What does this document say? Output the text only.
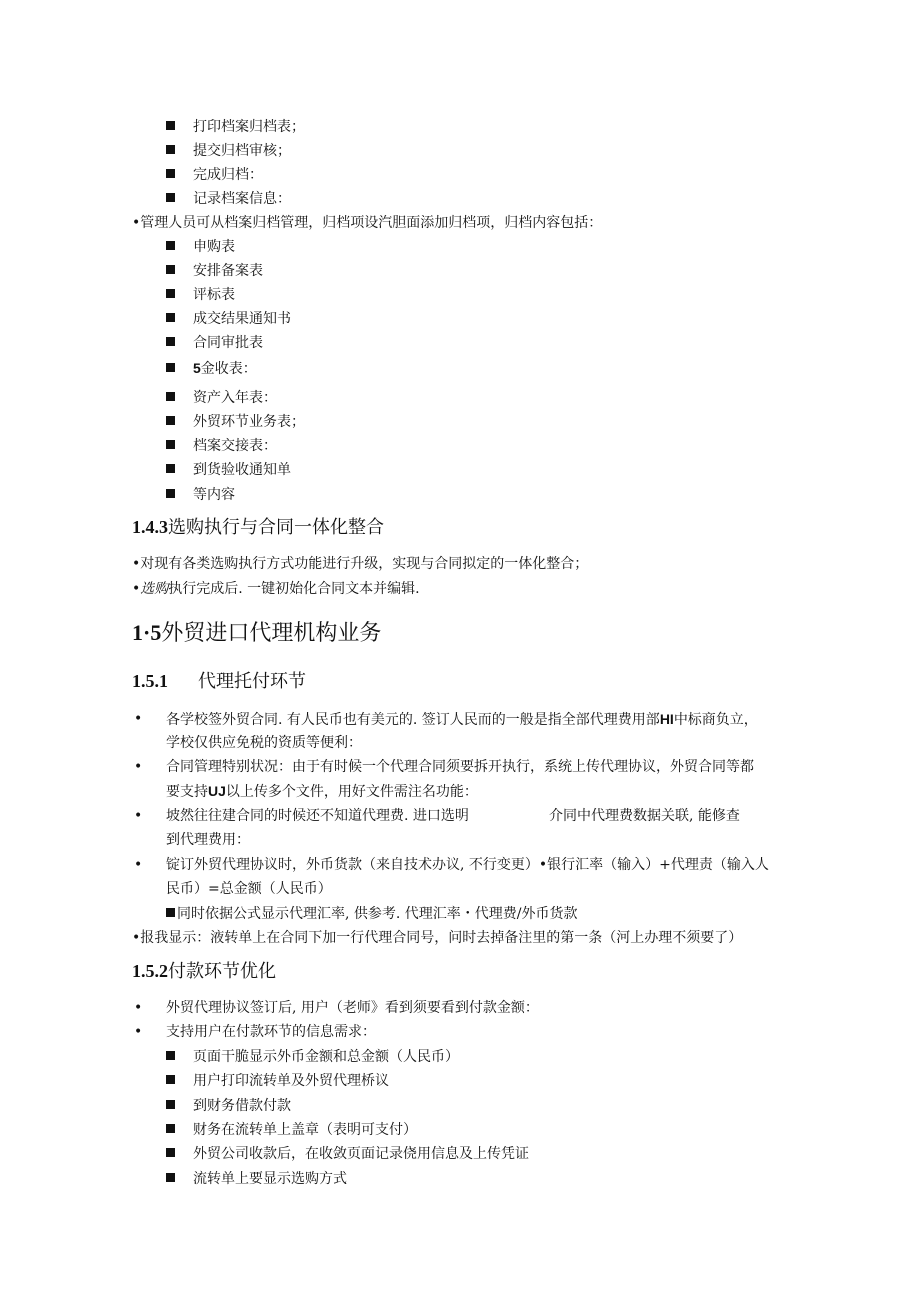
打印档案归档表；
提交归档审核；
完成归档：
记录档案信息：
•管理人员可从档案归档管理，归档项设汽胆面添加归档项，归档内容包括：
申购表
安排备案表
评标表
成交结果通知书
合同审批表
5金收表：
资产入年表：
外贸环节业务表；
档案交接表：
到货验收通知单
等内容
1.4.3选购执行与合同一体化整合
•对现有各类选购执行方式功能进行升级，实现与合同拟定的一体化整合；
•选购执行完成后. 一键初始化合同文本并编辑.
1·5外贸进口代理机构业务
1.5.1 代理托付环节
• 各学校签外贸合同. 有人民币也有美元的. 签订人民而的一般是指全部代理费用部HI中标商负立，
学校仅供应免税的资质等便利：
• 合同管理特别状况：由于有时候一个代理合同须要拆开执行，系统上传代理协议，外贸合同等都
要支持UJ以上传多个文件，用好文件需注名功能：
• 坡然往往建合同的时候还不知道代理费. 进口选明	介同中代理费数据关联, 能修查
到代理费用：
• 锭订外贸代理协议时，外币货款（来自技术办议, 不行变更）•银行汇率（输入）+代理责（输入人
民币）=总金额（人民币）
同时依据公式显示代理汇率, 供参考. 代理汇率・代理费/外币货款
•报我显示：液转单上在合同下加一行代理合同号，问时去掉备注里的第一条（河上办理不须要了）
1.5.2付款环节优化
• 外贸代理协议签订后, 用户（老师》看到须要看到付款金额：
• 支持用户在付款环节的信息需求：
页面干脆显示外币金额和总金额（人民币）
用户打印流转单及外贸代理桥议
到财务借款付款
财务在流转单上盖章（表明可支付）
外贸公司收款后，在收敛页面记录侥用信息及上传凭证
流转单上要显示选购方式
